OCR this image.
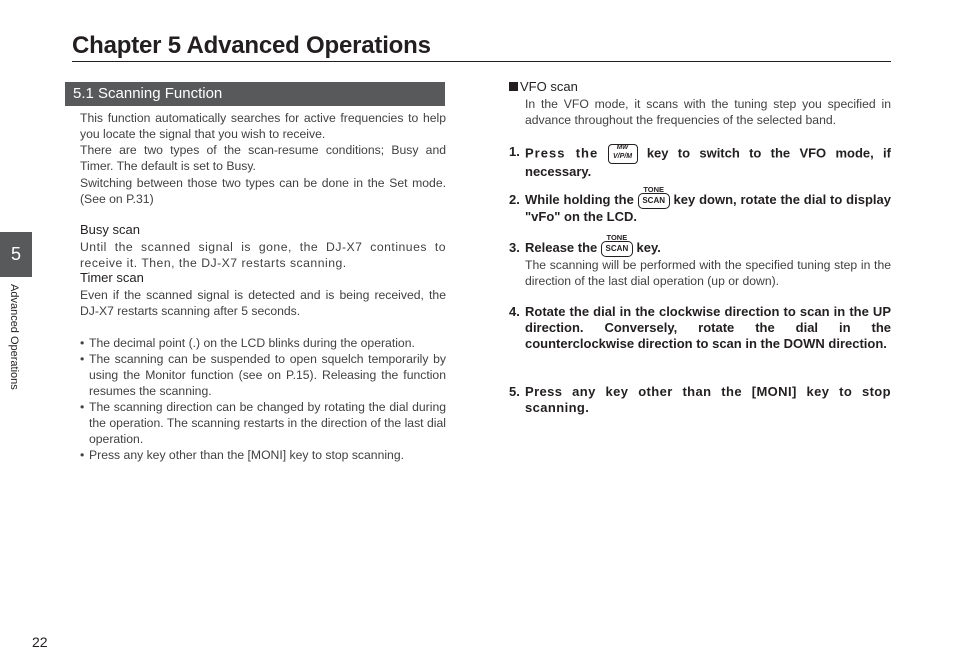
Chapter 5 Advanced Operations
5.1 Scanning Function

This function automatically searches for active frequencies to help you locate the signal that you wish to receive.

There are two types of the scan-resume conditions; Busy and Timer. The default is set to Busy.

Switching between those two types can be done in the Set mode. (See on P.31)

Busy scan

Until the scanned signal is gone, the DJ-X7 continues to receive it. Then, the DJ-X7 restarts scanning.

Timer scan

Even if the scanned signal is detected and is being received, the DJ-X7 restarts scanning after 5 seconds.

• The decimal point (.) on the LCD blinks during the operation.
• The scanning can be suspended to open squelch temporarily by using the Monitor function (see on P.15). Releasing the function resumes the scanning.
• The scanning direction can be changed by rotating the dial during the operation. The scanning restarts in the direction of the last dial operation.
• Press any key other than the [MONI] key to stop scanning.
5
Advanced Operations
22
VFO scan

In the VFO mode, it scans with the tuning step you specified in advance throughout the frequencies of the selected band.

1. Press the	MW
V/P/M key to switch to the VFO mode, if necessary.
2. While holding the
TONE
SCAN key down, rotate the dial to display "vFo" on the LCD.
3. Release the
TONE
SCAN key.

The scanning will be performed with the specified tuning step in the direction of the last dial operation (up or down).

4. Rotate the dial in the clockwise direction to scan in the UP direction. Conversely, rotate the dial in the counterclockwise direction to scan in the DOWN direction.
5. Press any key other than the [MONI] key to stop scanning.
